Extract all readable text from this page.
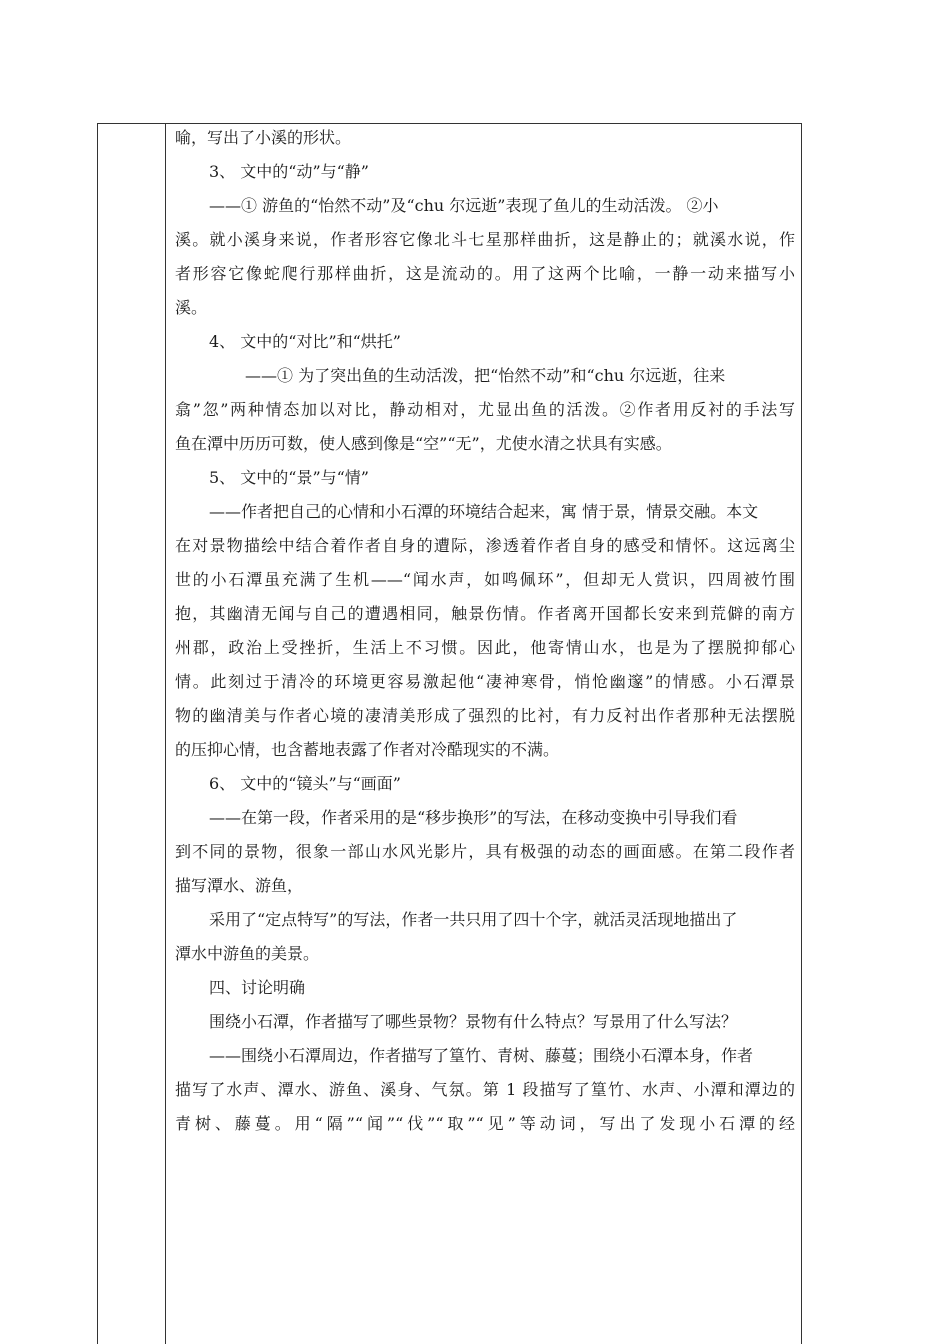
喻，写出了小溪的形状。
3、 文中的“动”与“静”
——① 游鱼的“怡然不动”及“chu 尔远逝”表现了鱼儿的生动活泼。 ②小
溪。就小溪身来说，作者形容它像北斗七星那样曲折，这是静止的；就溪水说，作
者形容它像蛇爬行那样曲折，这是流动的。用了这两个比喻，一静一动来描写小
溪。
4、 文中的“对比”和“烘托”
——① 为了突出鱼的生动活泼，把“怡然不动”和“chu 尔远逝，往来
翕”忽”两种情态加以对比，静动相对，尤显出鱼的活泼。②作者用反衬的手法写
鱼在潭中历历可数，使人感到像是“空”“无”，尤使水清之状具有实感。
5、 文中的“景”与“情”
——作者把自己的心情和小石潭的环境结合起来，寓 情于景，情景交融。本文
在对景物描绘中结合着作者自身的遭际，渗透着作者自身的感受和情怀。这远离尘
世的小石潭虽充满了生机——“闻水声，如鸣佩环”，但却无人赏识，四周被竹围
抱，其幽清无闻与自己的遭遇相同，触景伤情。作者离开国都长安来到荒僻的南方
州郡，政治上受挫折，生活上不习惯。因此，他寄情山水，也是为了摆脱抑郁心
情。此刻过于清冷的环境更容易激起他“凄神寒骨，悄怆幽邃”的情感。小石潭景
物的幽清美与作者心境的凄清美形成了强烈的比衬，有力反衬出作者那种无法摆脱
的压抑心情，也含蓄地表露了作者对冷酷现实的不满。
6、 文中的“镜头”与“画面”
——在第一段，作者采用的是“移步换形”的写法，在移动变换中引导我们看
到不同的景物，很象一部山水风光影片，具有极强的动态的画面感。在第二段作者
描写潭水、游鱼，
采用了“定点特写”的写法，作者一共只用了四十个字，就活灵活现地描出了
潭水中游鱼的美景。
四、讨论明确
围绕小石潭，作者描写了哪些景物？景物有什么特点？写景用了什么写法？
——围绕小石潭周边，作者描写了篁竹、青树、藤蔓；围绕小石潭本身，作者
描写了水声、潭水、游鱼、溪身、气氛。第 1 段描写了篁竹、水声、小潭和潭边的
青树、藤蔓。用“隔”“闻”“伐”“取”“见”等动词，写出了发现小石潭的经
